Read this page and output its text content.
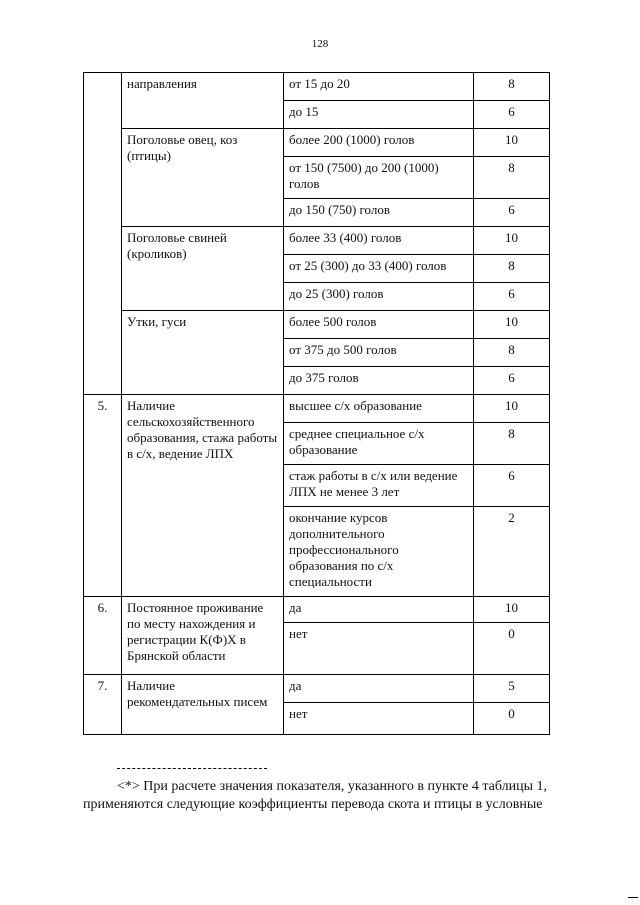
128
	направления	от 15 до 20	8
		до 15	6
	Поголовье овец, коз (птицы)	более 200 (1000) голов	10
		от 150 (7500) до 200 (1000) голов	8
		до 150 (750) голов	6
	Поголовье свиней (кроликов)	более 33 (400) голов	10
		от 25 (300) до 33 (400) голов	8
		до 25 (300) голов	6
	Утки, гуси	более 500 голов	10
		от 375 до 500 голов	8
		до 375 голов	6
5.	Наличие сельскохозяйственного образования, стажа работы в с/х, ведение ЛПХ	высшее с/х образование	10
		среднее специальное с/х образование	8
		стаж работы в с/х или ведение ЛПХ не менее 3 лет	6
		окончание курсов дополнительного профессионального образования по с/х специальности	2
6.	Постоянное проживание по месту нахождения и регистрации К(Ф)Х в Брянской области	да	10
		нет	0
7.	Наличие рекомендательных писем	да	5
		нет	0
<*> При расчете значения показателя, указанного в пункте 4 таблицы 1,
применяются следующие коэффициенты перевода скота и птицы в условные
